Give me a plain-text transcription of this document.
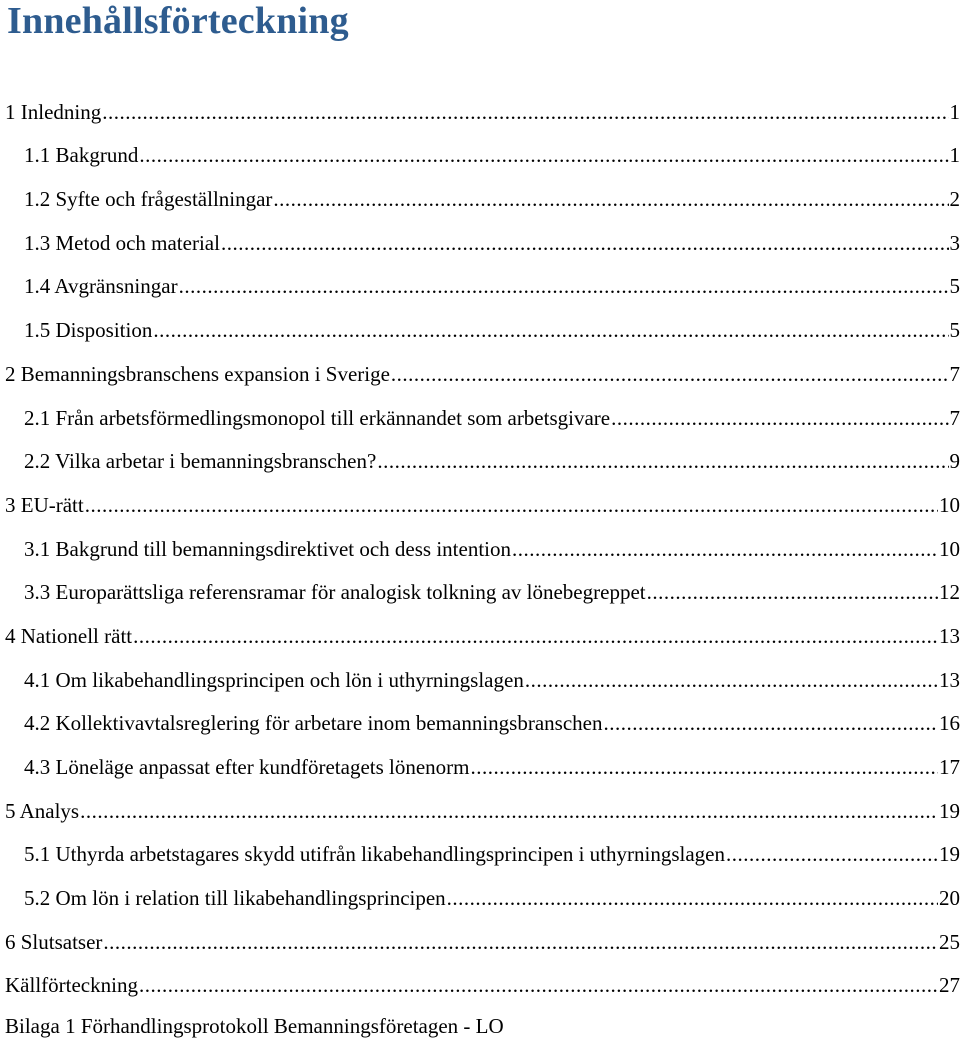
Innehållsförteckning
1 Inledning .....	1
1.1 Bakgrund .....	1
1.2 Syfte och frågeställningar .....	2
1.3 Metod och material .....	3
1.4 Avgränsningar .....	5
1.5 Disposition .....	5
2 Bemanningsbranschens expansion i Sverige .....	7
2.1 Från arbetsförmedlingsmonopol till erkännandet som arbetsgivare .....	7
2.2 Vilka arbetar i bemanningsbranschen? .....	9
3 EU-rätt .....	10
3.1 Bakgrund till bemanningsdirektivet och dess intention .....	10
3.3 Europarättsliga referensramar för analogisk tolkning av lönebegreppet .....	12
4 Nationell rätt .....	13
4.1 Om likabehandlingsprincipen och lön i uthyrningslagen .....	13
4.2 Kollektivavtalsreglering för arbetare inom bemanningsbranschen .....	16
4.3 Löneläge anpassat efter kundföretagets lönenorm .....	17
5 Analys .....	19
5.1 Uthyrda arbetstagares skydd utifrån likabehandlingsprincipen i uthyrningslagen .....	19
5.2 Om lön i relation till likabehandlingsprincipen .....	20
6 Slutsatser .....	25
Källförteckning .....	27
Bilaga 1 Förhandlingsprotokoll Bemanningsföretagen - LO
